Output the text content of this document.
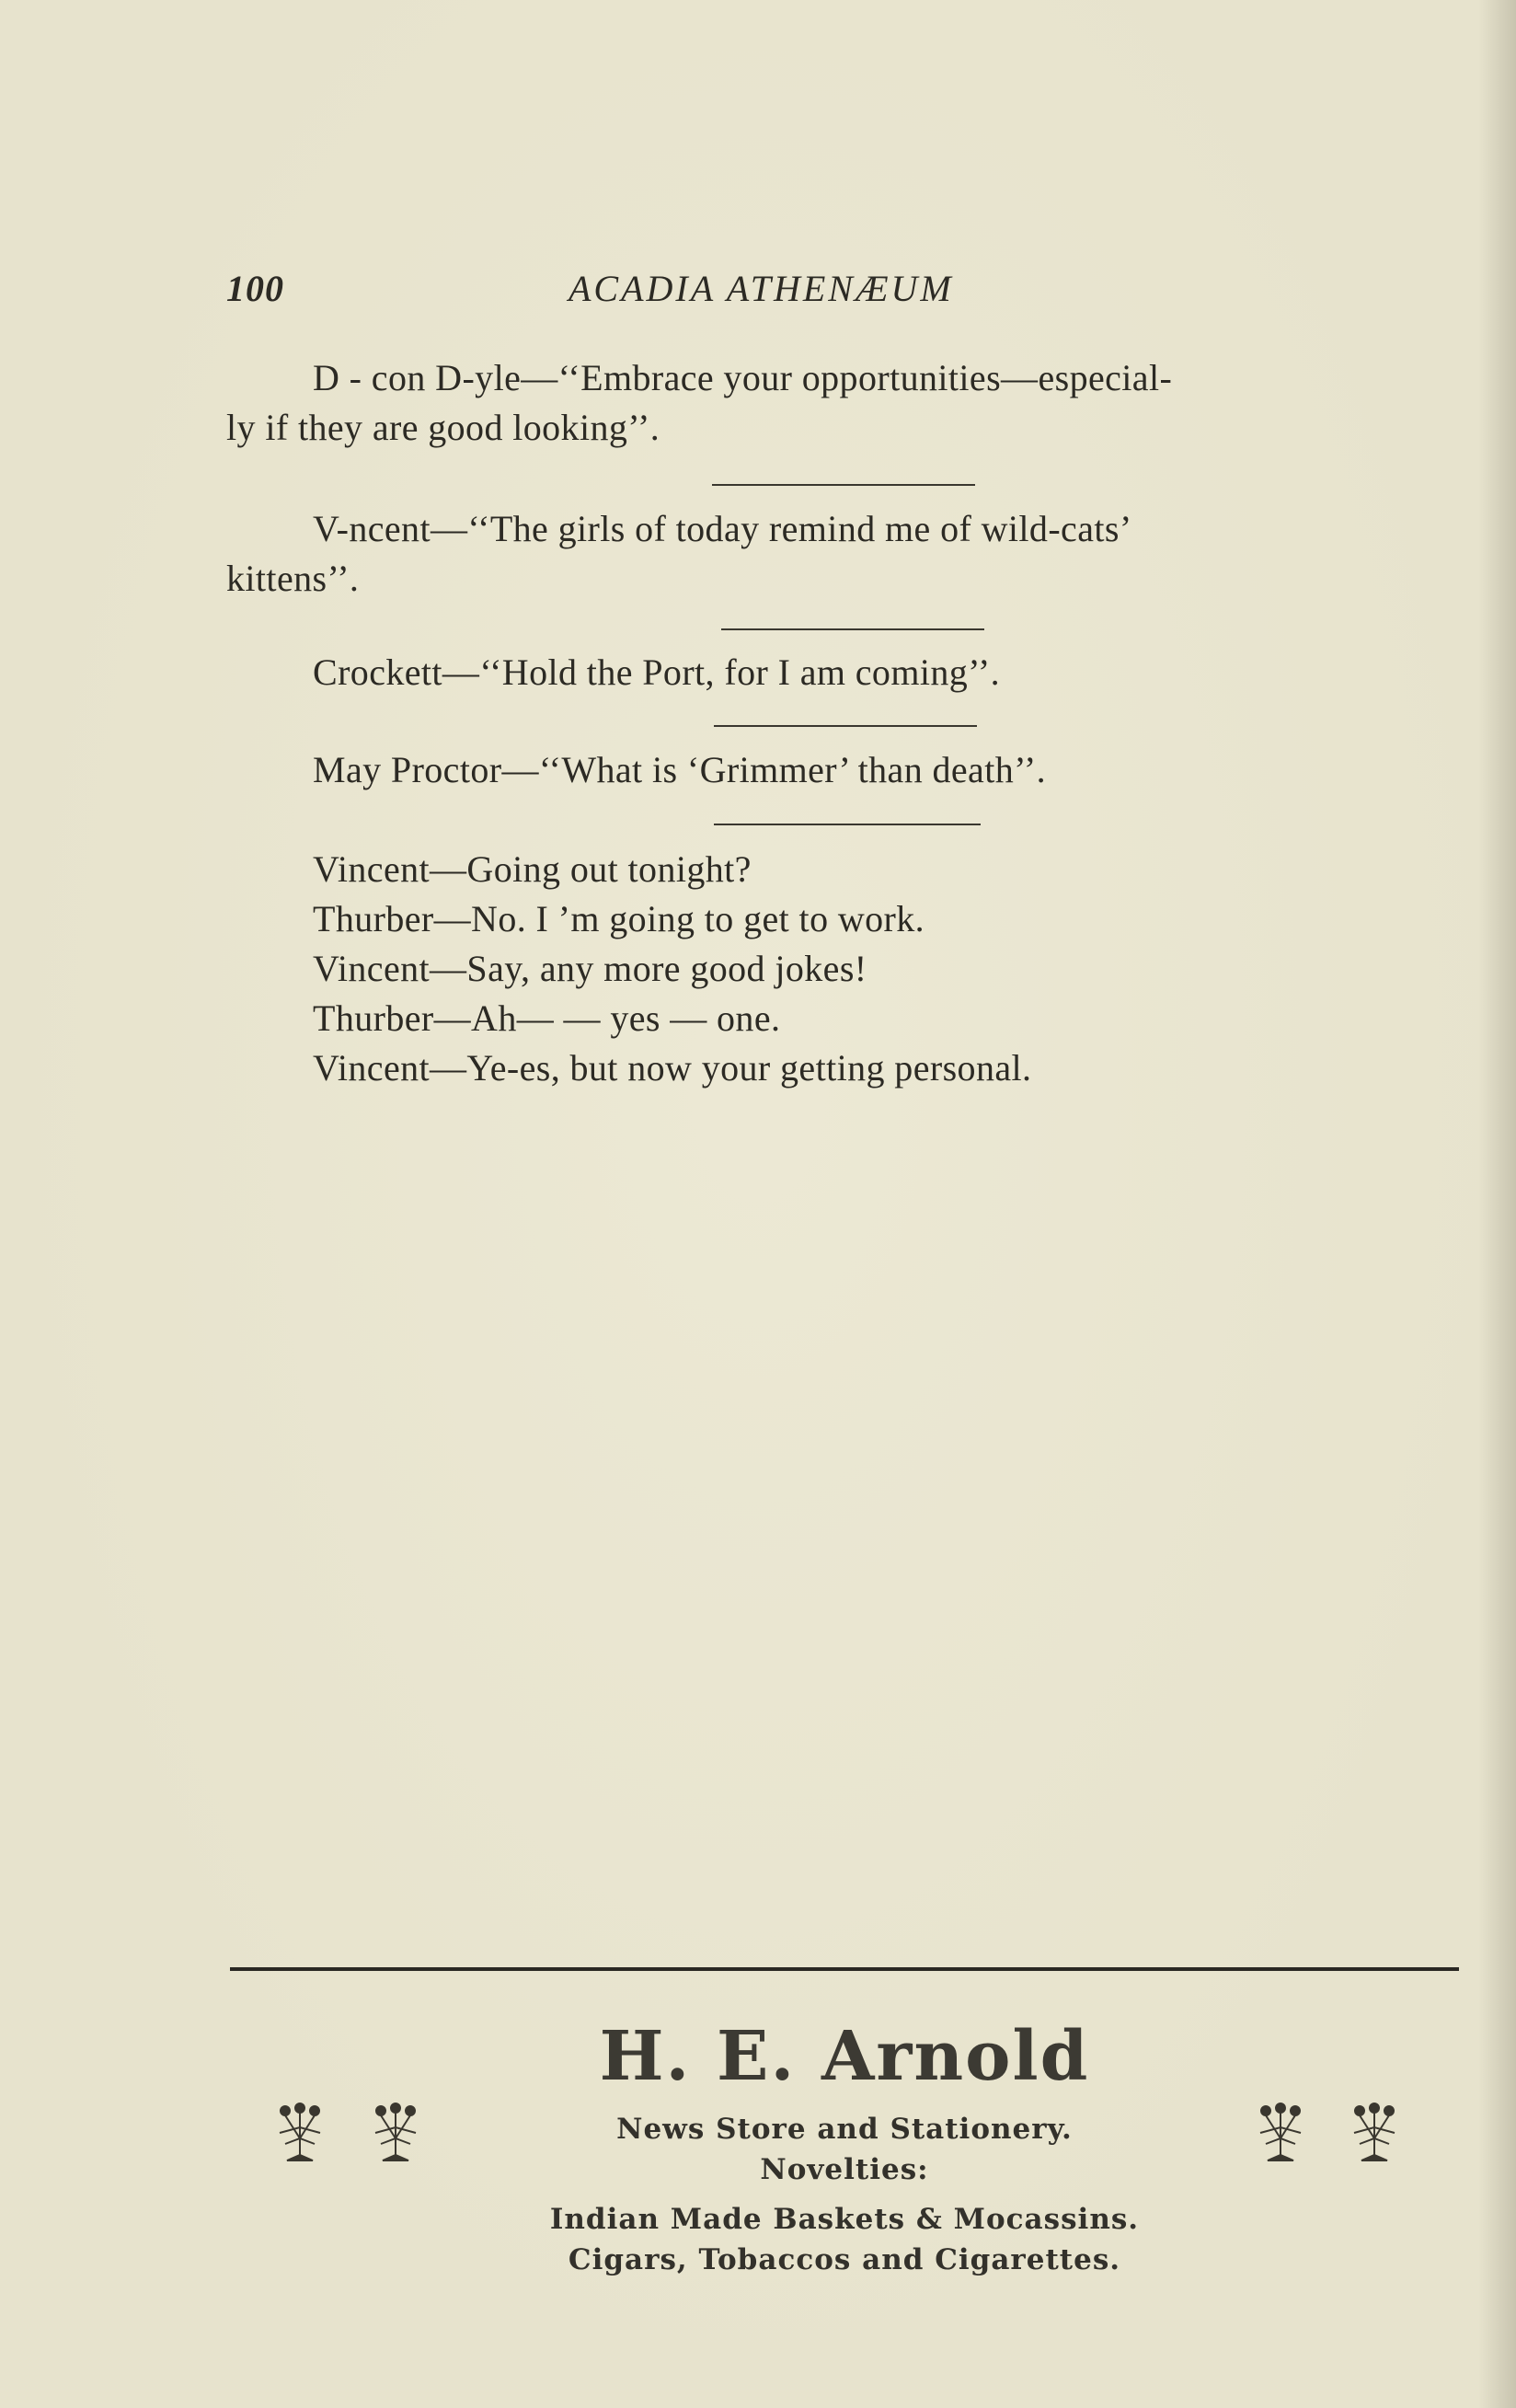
100	ACADIA ATHENÆUM

D - con D-yle—‘‘Embrace your opportunities—especial-

ly if they are good looking’’.

V-ncent—‘‘The girls of today remind me of wild-cats’

kittens’’.

Crockett—‘‘Hold the Port, for I am coming’’.

May Proctor—‘‘What is ‘Grimmer’ than death’’.

Vincent—Going out tonight?

Thurber—No. I ’m going to get to work.

Vincent—Say, any more good jokes!

Thurber—Ah— — yes — one.

Vincent—Ye-es, but now your getting personal.

H. E. Arnold
News Store and Stationery.
Novelties:
Indian Made Baskets & Mocassins.
Cigars, Tobaccos and Cigarettes.
